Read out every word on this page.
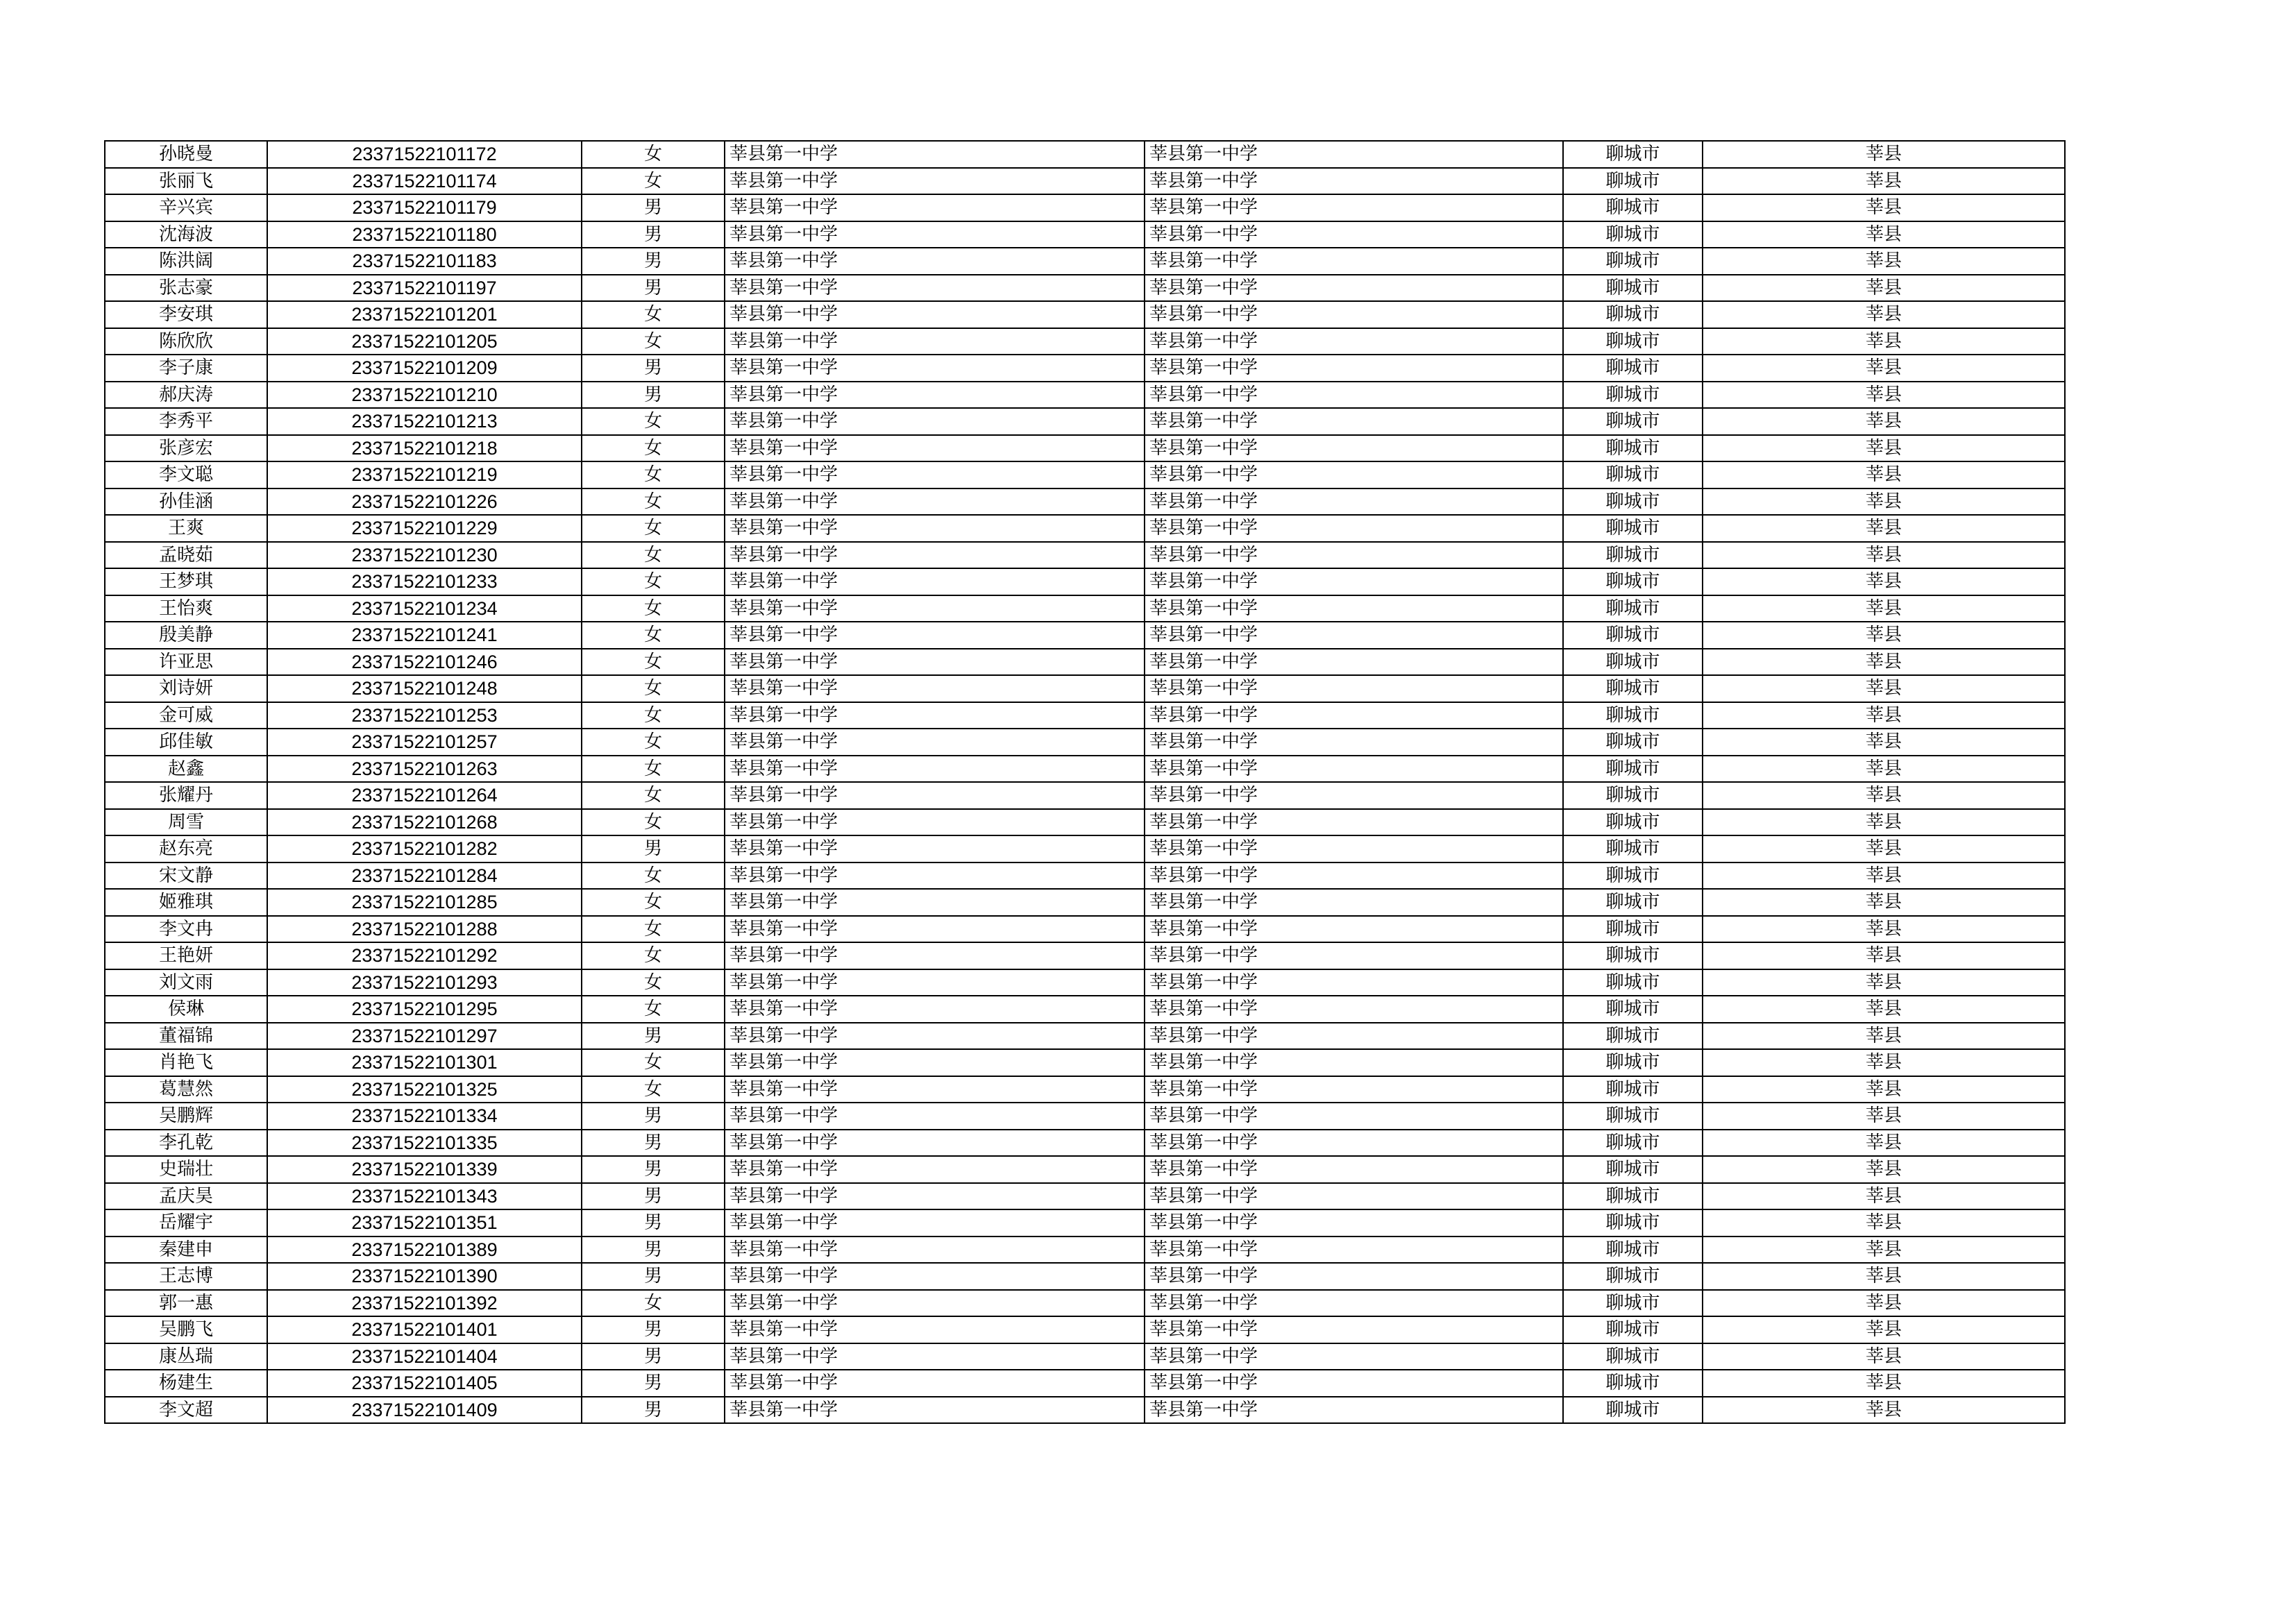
孙晓曼	23371522101172	女	莘县第一中学	莘县第一中学	聊城市	莘县
张丽飞	23371522101174	女	莘县第一中学	莘县第一中学	聊城市	莘县
辛兴宾	23371522101179	男	莘县第一中学	莘县第一中学	聊城市	莘县
沈海波	23371522101180	男	莘县第一中学	莘县第一中学	聊城市	莘县
陈洪阔	23371522101183	男	莘县第一中学	莘县第一中学	聊城市	莘县
张志豪	23371522101197	男	莘县第一中学	莘县第一中学	聊城市	莘县
李安琪	23371522101201	女	莘县第一中学	莘县第一中学	聊城市	莘县
陈欣欣	23371522101205	女	莘县第一中学	莘县第一中学	聊城市	莘县
李子康	23371522101209	男	莘县第一中学	莘县第一中学	聊城市	莘县
郝庆涛	23371522101210	男	莘县第一中学	莘县第一中学	聊城市	莘县
李秀平	23371522101213	女	莘县第一中学	莘县第一中学	聊城市	莘县
张彦宏	23371522101218	女	莘县第一中学	莘县第一中学	聊城市	莘县
李文聪	23371522101219	女	莘县第一中学	莘县第一中学	聊城市	莘县
孙佳涵	23371522101226	女	莘县第一中学	莘县第一中学	聊城市	莘县
王爽	23371522101229	女	莘县第一中学	莘县第一中学	聊城市	莘县
孟晓茹	23371522101230	女	莘县第一中学	莘县第一中学	聊城市	莘县
王梦琪	23371522101233	女	莘县第一中学	莘县第一中学	聊城市	莘县
王怡爽	23371522101234	女	莘县第一中学	莘县第一中学	聊城市	莘县
殷美静	23371522101241	女	莘县第一中学	莘县第一中学	聊城市	莘县
许亚思	23371522101246	女	莘县第一中学	莘县第一中学	聊城市	莘县
刘诗妍	23371522101248	女	莘县第一中学	莘县第一中学	聊城市	莘县
金可威	23371522101253	女	莘县第一中学	莘县第一中学	聊城市	莘县
邱佳敏	23371522101257	女	莘县第一中学	莘县第一中学	聊城市	莘县
赵鑫	23371522101263	女	莘县第一中学	莘县第一中学	聊城市	莘县
张耀丹	23371522101264	女	莘县第一中学	莘县第一中学	聊城市	莘县
周雪	23371522101268	女	莘县第一中学	莘县第一中学	聊城市	莘县
赵东亮	23371522101282	男	莘县第一中学	莘县第一中学	聊城市	莘县
宋文静	23371522101284	女	莘县第一中学	莘县第一中学	聊城市	莘县
姬雅琪	23371522101285	女	莘县第一中学	莘县第一中学	聊城市	莘县
李文冉	23371522101288	女	莘县第一中学	莘县第一中学	聊城市	莘县
王艳妍	23371522101292	女	莘县第一中学	莘县第一中学	聊城市	莘县
刘文雨	23371522101293	女	莘县第一中学	莘县第一中学	聊城市	莘县
侯琳	23371522101295	女	莘县第一中学	莘县第一中学	聊城市	莘县
董福锦	23371522101297	男	莘县第一中学	莘县第一中学	聊城市	莘县
肖艳飞	23371522101301	女	莘县第一中学	莘县第一中学	聊城市	莘县
葛慧然	23371522101325	女	莘县第一中学	莘县第一中学	聊城市	莘县
吴鹏辉	23371522101334	男	莘县第一中学	莘县第一中学	聊城市	莘县
李孔乾	23371522101335	男	莘县第一中学	莘县第一中学	聊城市	莘县
史瑞壮	23371522101339	男	莘县第一中学	莘县第一中学	聊城市	莘县
孟庆昊	23371522101343	男	莘县第一中学	莘县第一中学	聊城市	莘县
岳耀宇	23371522101351	男	莘县第一中学	莘县第一中学	聊城市	莘县
秦建申	23371522101389	男	莘县第一中学	莘县第一中学	聊城市	莘县
王志博	23371522101390	男	莘县第一中学	莘县第一中学	聊城市	莘县
郭一惠	23371522101392	女	莘县第一中学	莘县第一中学	聊城市	莘县
吴鹏飞	23371522101401	男	莘县第一中学	莘县第一中学	聊城市	莘县
康丛瑞	23371522101404	男	莘县第一中学	莘县第一中学	聊城市	莘县
杨建生	23371522101405	男	莘县第一中学	莘县第一中学	聊城市	莘县
李文超	23371522101409	男	莘县第一中学	莘县第一中学	聊城市	莘县
